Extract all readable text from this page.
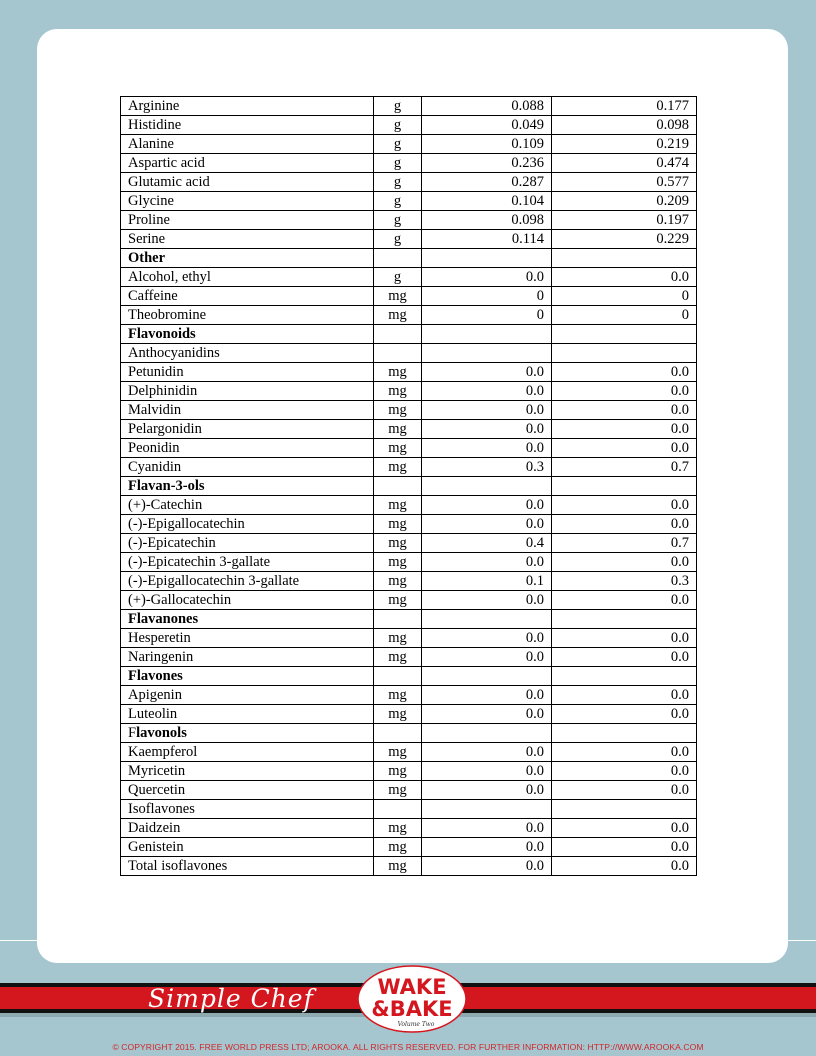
Arginine	g	0.088	0.177
Histidine	g	0.049	0.098
Alanine	g	0.109	0.219
Aspartic acid	g	0.236	0.474
Glutamic acid	g	0.287	0.577
Glycine	g	0.104	0.209
Proline	g	0.098	0.197
Serine	g	0.114	0.229
Other			
Alcohol, ethyl	g	0.0	0.0
Caffeine	mg	0	0
Theobromine	mg	0	0
Flavonoids			
Anthocyanidins			
Petunidin	mg	0.0	0.0
Delphinidin	mg	0.0	0.0
Malvidin	mg	0.0	0.0
Pelargonidin	mg	0.0	0.0
Peonidin	mg	0.0	0.0
Cyanidin	mg	0.3	0.7
Flavan-3-ols			
(+)-Catechin	mg	0.0	0.0
(-)-Epigallocatechin	mg	0.0	0.0
(-)-Epicatechin	mg	0.4	0.7
(-)-Epicatechin 3-gallate	mg	0.0	0.0
(-)-Epigallocatechin 3-gallate	mg	0.1	0.3
(+)-Gallocatechin	mg	0.0	0.0
Flavanones			
Hesperetin	mg	0.0	0.0
Naringenin	mg	0.0	0.0
Flavones			
Apigenin	mg	0.0	0.0
Luteolin	mg	0.0	0.0
Flavonols			
Kaempferol	mg	0.0	0.0
Myricetin	mg	0.0	0.0
Quercetin	mg	0.0	0.0
Isoflavones			
Daidzein	mg	0.0	0.0
Genistein	mg	0.0	0.0
Total isoflavones	mg	0.0	0.0
Simple Chef	WAKE
&BAKE
Volume Two
© COPYRIGHT 2015. FREE WORLD PRESS LTD; AROOKA. ALL RIGHTS RESERVED. FOR FURTHER INFORMATION: HTTP://WWW.AROOKA.COM
